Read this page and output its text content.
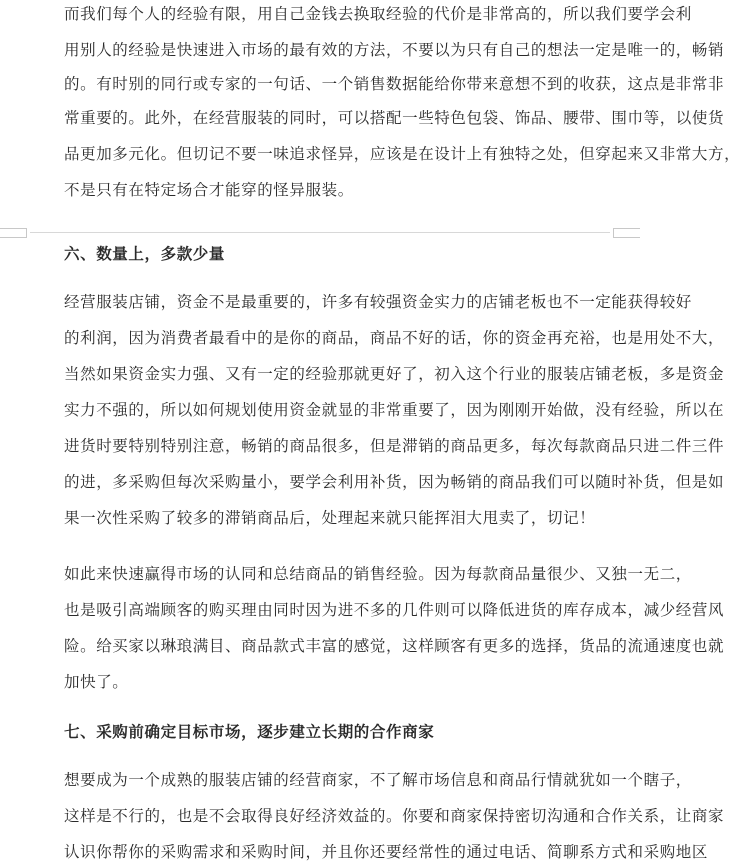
而我们每个人的经验有限，用自己金钱去换取经验的代价是非常高的，所以我们要学会利
用别人的经验是快速进入市场的最有效的方法，不要以为只有自己的想法一定是唯一的，畅销
的。有时别的同行或专家的一句话、一个销售数据能给你带来意想不到的收获，这点是非常非
常重要的。此外，在经营服装的同时，可以搭配一些特色包袋、饰品、腰带、围巾等，以使货
品更加多元化。但切记不要一味追求怪异，应该是在设计上有独特之处，但穿起来又非常大方，
不是只有在特定场合才能穿的怪异服装。
六、数量上，多款少量
经营服装店铺，资金不是最重要的，许多有较强资金实力的店铺老板也不一定能获得较好
的利润，因为消费者最看中的是你的商品，商品不好的话，你的资金再充裕，也是用处不大，
当然如果资金实力强、又有一定的经验那就更好了，初入这个行业的服装店铺老板，多是资金
实力不强的，所以如何规划使用资金就显的非常重要了，因为刚刚开始做，没有经验，所以在
进货时要特别特别注意，畅销的商品很多，但是滞销的商品更多，每次每款商品只进二件三件
的进，多采购但每次采购量小，要学会利用补货，因为畅销的商品我们可以随时补货，但是如
果一次性采购了较多的滞销商品后，处理起来就只能挥泪大甩卖了，切记！
如此来快速赢得市场的认同和总结商品的销售经验。因为每款商品量很少、又独一无二，
也是吸引高端顾客的购买理由同时因为进不多的几件则可以降低进货的库存成本，减少经营风
险。给买家以琳琅满目、商品款式丰富的感觉，这样顾客有更多的选择，货品的流通速度也就
加快了。
七、采购前确定目标市场，逐步建立长期的合作商家
想要成为一个成熟的服装店铺的经营商家，不了解市场信息和商品行情就犹如一个瞎子，
这样是不行的，也是不会取得良好经济效益的。你要和商家保持密切沟通和合作关系，让商家
认识你帮你的采购需求和采购时间，并且你还要经常性的通过电话、简聊系方式和采购地区
